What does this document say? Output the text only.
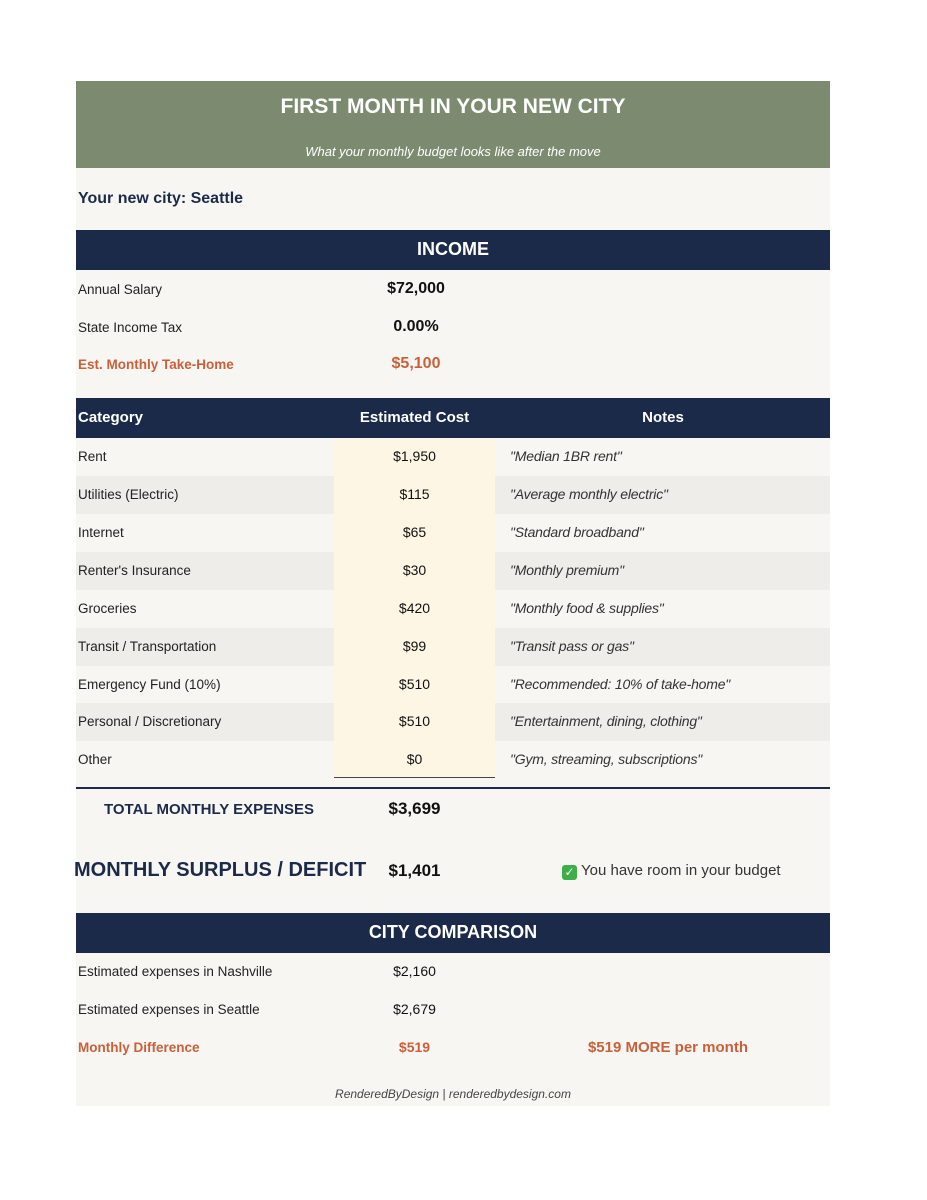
FIRST MONTH IN YOUR NEW CITY
What your monthly budget looks like after the move
Your new city: Seattle
INCOME
Annual Salary	$72,000
State Income Tax	0.00%
Est. Monthly Take-Home	$5,100
Category	Estimated Cost	Notes
Rent	$1,950	"Median 1BR rent"
Utilities (Electric)	$115	"Average monthly electric"
Internet	$65	"Standard broadband"
Renter's Insurance	$30	"Monthly premium"
Groceries	$420	"Monthly food & supplies"
Transit / Transportation	$99	"Transit pass or gas"
Emergency Fund (10%)	$510	"Recommended: 10% of take-home"
Personal / Discretionary	$510	"Entertainment, dining, clothing"
Other	$0	"Gym, streaming, subscriptions"
TOTAL MONTHLY EXPENSES	$3,699
MONTHLY SURPLUS / DEFICIT	$1,401	✓ You have room in your budget
CITY COMPARISON
Estimated expenses in Nashville	$2,160
Estimated expenses in Seattle	$2,679
Monthly Difference	$519	$519 MORE per month
RenderedByDesign | renderedbydesign.com
